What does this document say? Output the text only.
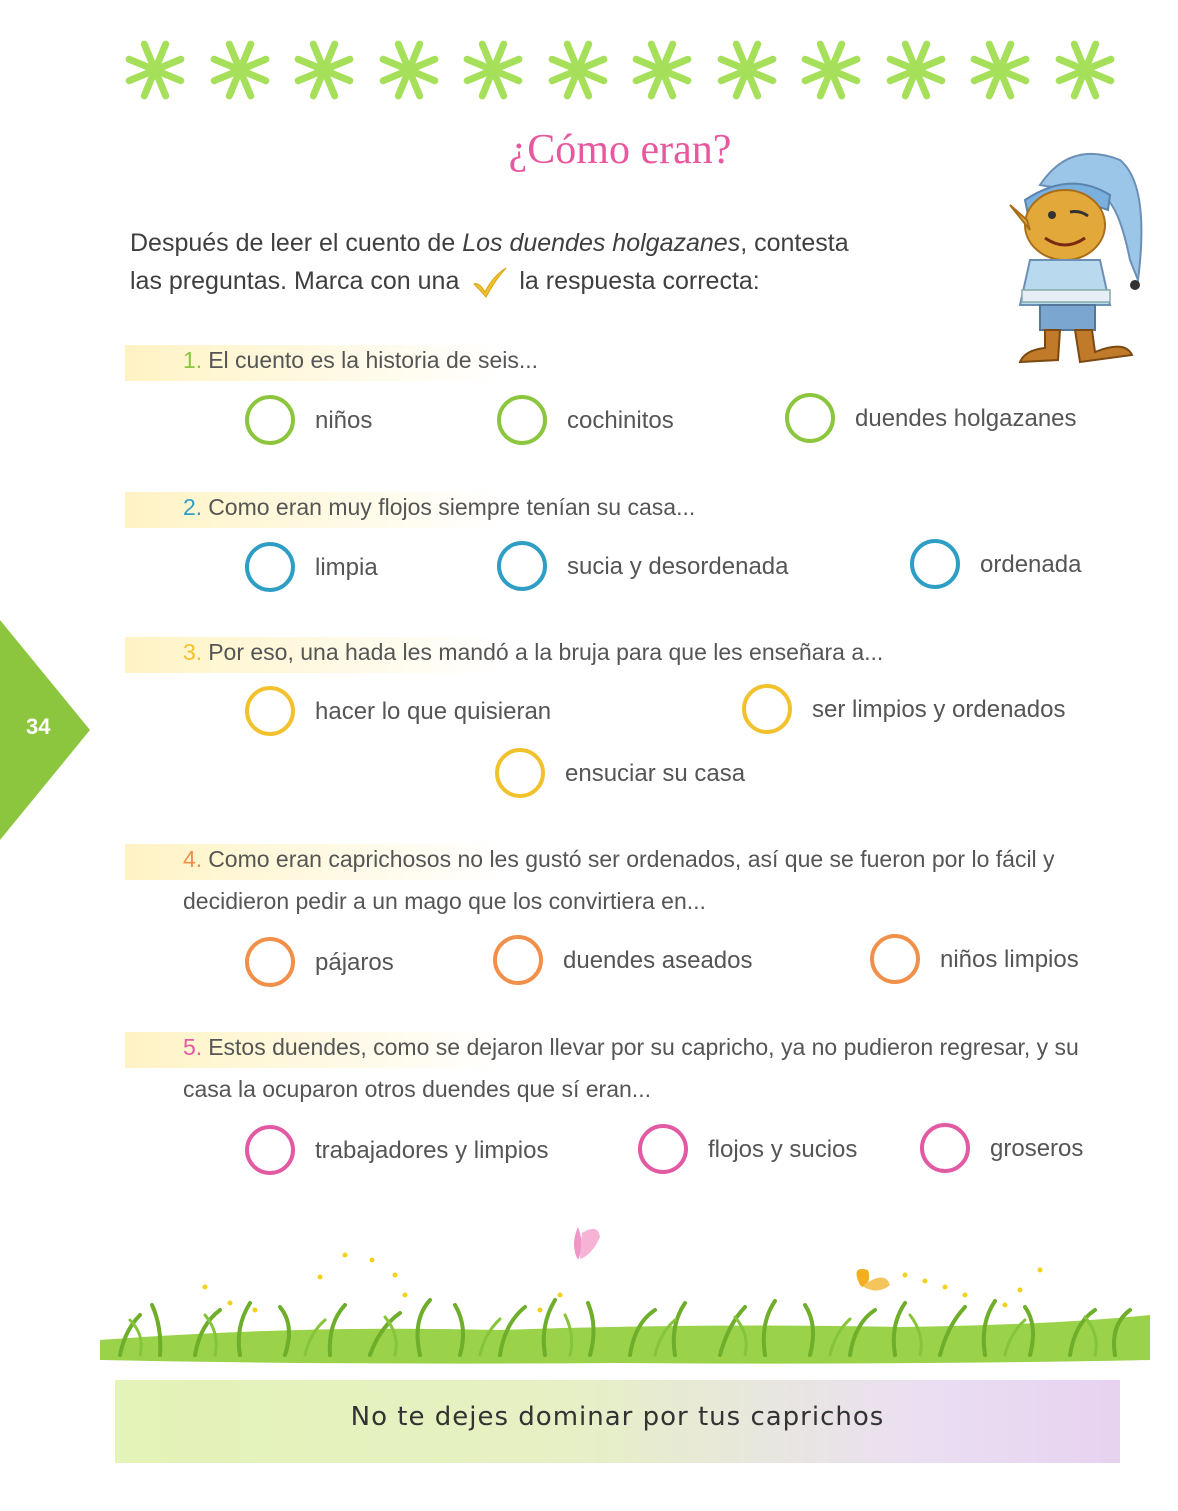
¿Cómo eran?
Después de leer el cuento de Los duendes holgazanes, contesta
las preguntas. Marca con una la respuesta correcta:
1. El cuento es la historia de seis...
niños	cochinitos	duendes holgazanes
2. Como eran muy flojos siempre tenían su casa...
limpia	sucia y desordenada	ordenada
3. Por eso, una hada les mandó a la bruja para que les enseñara a...
hacer lo que quisieran	ser limpios y ordenados
ensuciar su casa
4. Como eran caprichosos no les gustó ser ordenados, así que se fueron por lo fácil y decidieron pedir a un mago que los convirtiera en...
pájaros	duendes aseados	niños limpios
5. Estos duendes, como se dejaron llevar por su capricho, ya no pudieron regresar, y su casa la ocuparon otros duendes que sí eran...
trabajadores y limpios	flojos y sucios	groseros
34
No te dejes dominar por tus caprichos
